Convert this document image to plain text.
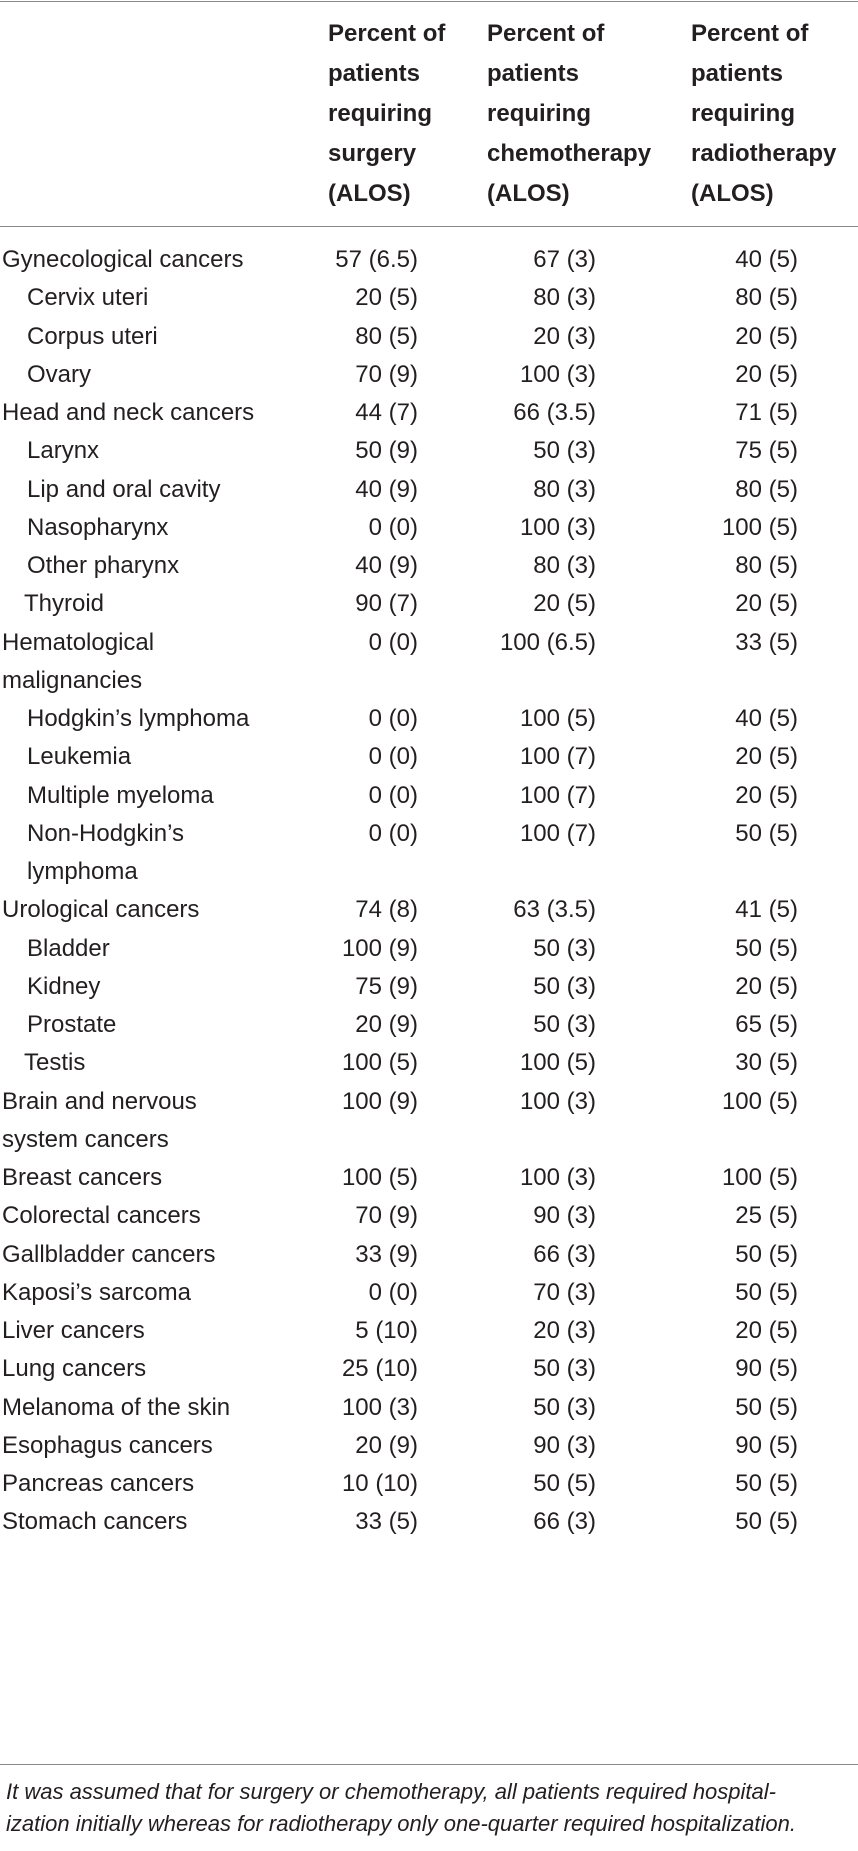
Percent of
patients
requiring
surgery
(ALOS)
Percent of
patients
requiring
chemotherapy
(ALOS)
Percent of
patients
requiring
radiotherapy
(ALOS)
Gynecological cancers	57 (6.5)	67 (3)	40 (5)
Cervix uteri	20 (5)	80 (3)	80 (5)
Corpus uteri	80 (5)	20 (3)	20 (5)
Ovary	70 (9)	100 (3)	20 (5)
Head and neck cancers	44 (7)	66 (3.5)	71 (5)
Larynx	50 (9)	50 (3)	75 (5)
Lip and oral cavity	40 (9)	80 (3)	80 (5)
Nasopharynx	0 (0)	100 (3)	100 (5)
Other pharynx	40 (9)	80 (3)	80 (5)
Thyroid	90 (7)	20 (5)	20 (5)
Hematological
malignancies
0 (0)	100 (6.5)	33 (5)
Hodgkin’s lymphoma	0 (0)	100 (5)	40 (5)
Leukemia	0 (0)	100 (7)	20 (5)
Multiple myeloma	0 (0)	100 (7)	20 (5)
Non-Hodgkin’s
lymphoma
0 (0)	100 (7)	50 (5)
Urological cancers	74 (8)	63 (3.5)	41 (5)
Bladder	100 (9)	50 (3)	50 (5)
Kidney	75 (9)	50 (3)	20 (5)
Prostate	20 (9)	50 (3)	65 (5)
Testis	100 (5)	100 (5)	30 (5)
Brain and nervous
system cancers
100 (9)	100 (3)	100 (5)
Breast cancers	100 (5)	100 (3)	100 (5)
Colorectal cancers	70 (9)	90 (3)	25 (5)
Gallbladder cancers	33 (9)	66 (3)	50 (5)
Kaposi’s sarcoma	0 (0)	70 (3)	50 (5)
Liver cancers	5 (10)	20 (3)	20 (5)
Lung cancers	25 (10)	50 (3)	90 (5)
Melanoma of the skin	100 (3)	50 (3)	50 (5)
Esophagus cancers	20 (9)	90 (3)	90 (5)
Pancreas cancers	10 (10)	50 (5)	50 (5)
Stomach cancers	33 (5)	66 (3)	50 (5)
It was assumed that for surgery or chemotherapy, all patients required hospital-
ization initially whereas for radiotherapy only one-quarter required hospitalization.
